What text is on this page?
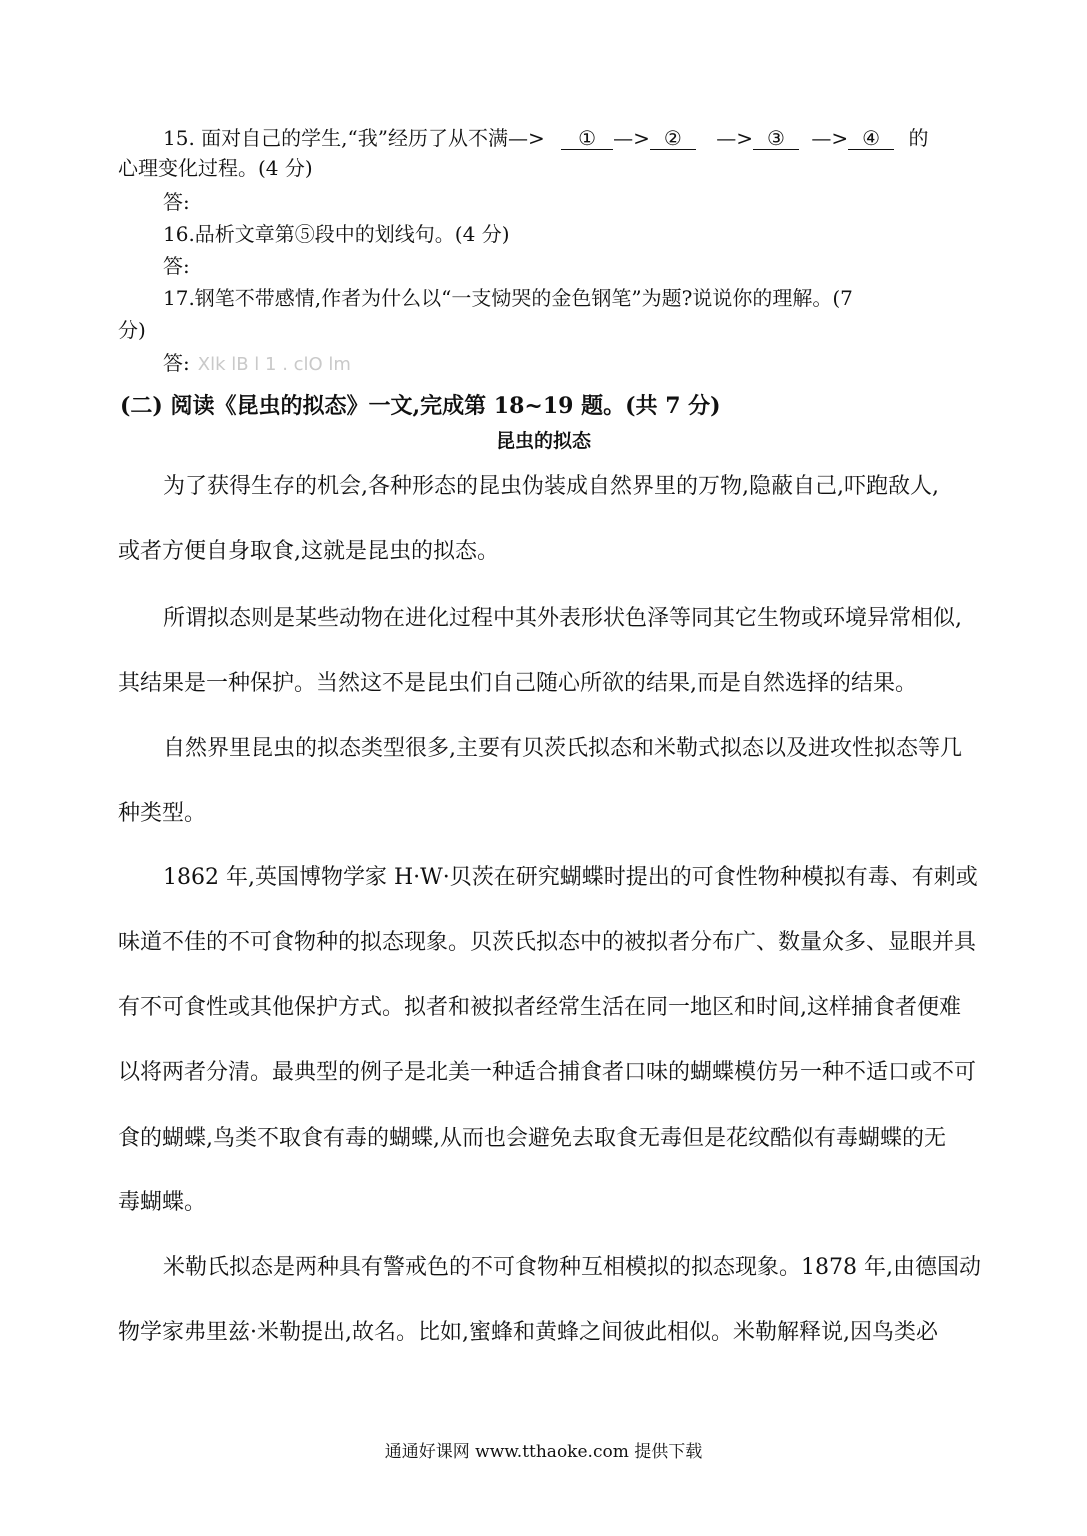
15. 面对自己的学生,“我”经历了从不满—> ① —> ② —> ③ —> ④ 的
心理变化过程。(4 分)
答:
16.品析文章第⑤段中的划线句。(4 分)
答:
17.钢笔不带感情,作者为什么以“一支恸哭的金色钢笔”为题?说说你的理解。(7
分)
答: Xlk lB l 1 . clO lm
(二) 阅读《昆虫的拟态》一文,完成第 18~19 题。(共 7 分)
昆虫的拟态
为了获得生存的机会,各种形态的昆虫伪装成自然界里的万物,隐蔽自己,吓跑敌人,
或者方便自身取食,这就是昆虫的拟态。
所谓拟态则是某些动物在进化过程中其外表形状色泽等同其它生物或环境异常相似,
其结果是一种保护。当然这不是昆虫们自己随心所欲的结果,而是自然选择的结果。
自然界里昆虫的拟态类型很多,主要有贝茨氏拟态和米勒式拟态以及进攻性拟态等几
种类型。
1862 年,英国博物学家 H·W·贝茨在研究蝴蝶时提出的可食性物种模拟有毒、有刺或
味道不佳的不可食物种的拟态现象。贝茨氏拟态中的被拟者分布广、数量众多、显眼并具
有不可食性或其他保护方式。拟者和被拟者经常生活在同一地区和时间,这样捕食者便难
以将两者分清。最典型的例子是北美一种适合捕食者口味的蝴蝶模仿另一种不适口或不可
食的蝴蝶,鸟类不取食有毒的蝴蝶,从而也会避免去取食无毒但是花纹酷似有毒蝴蝶的无
毒蝴蝶。
米勒氏拟态是两种具有警戒色的不可食物种互相模拟的拟态现象。1878 年,由德国动
物学家弗里兹·米勒提出,故名。比如,蜜蜂和黄蜂之间彼此相似。米勒解释说,因鸟类必
通通好课网 www.tthaoke.com 提供下载
